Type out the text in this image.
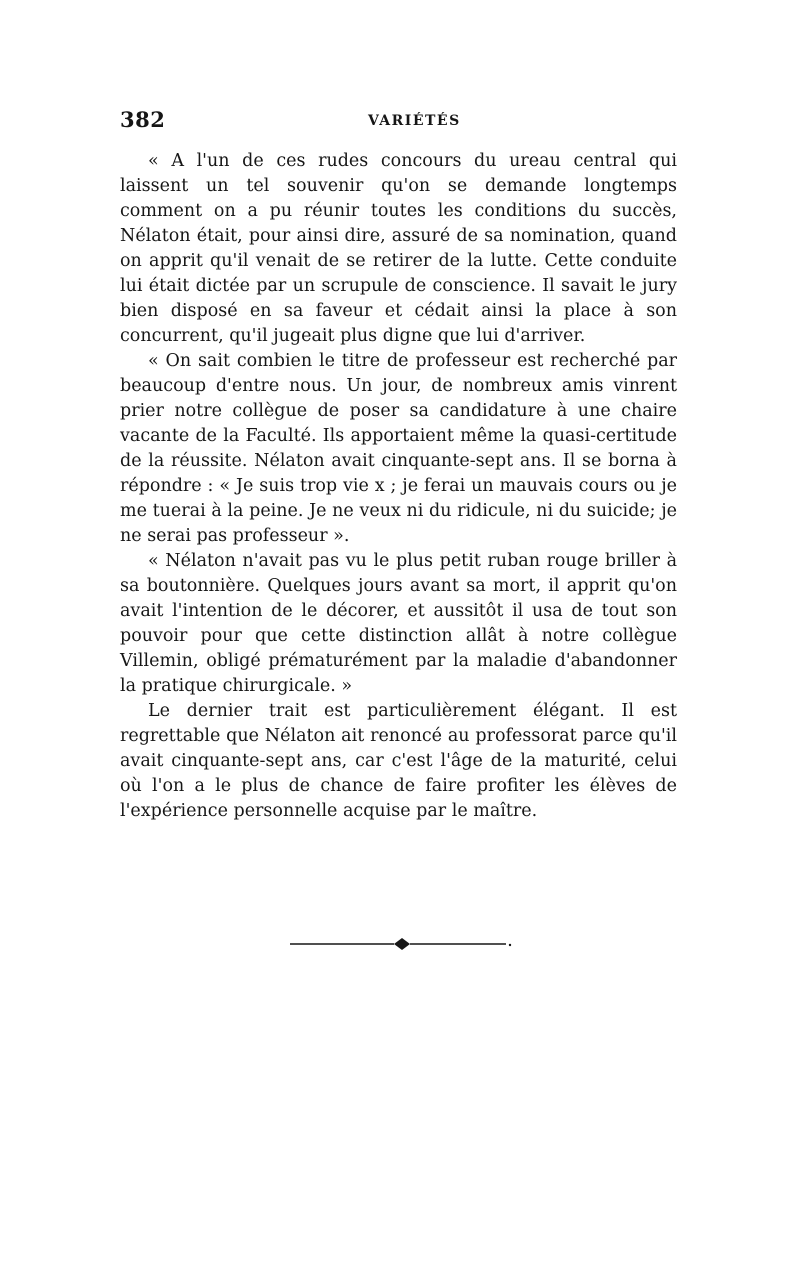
382	VARIÉTÉS

« A l'un de ces rudes concours du ureau central qui laissent un tel souvenir qu'on se demande longtemps comment on a pu réunir toutes les conditions du succès, Nélaton était, pour ainsi dire, assuré de sa nomination, quand on apprit qu'il venait de se retirer de la lutte. Cette conduite lui était dictée par un scrupule de conscience. Il savait le jury bien disposé en sa faveur et cédait ainsi la place à son concurrent, qu'il jugeait plus digne que lui d'arriver.

« On sait combien le titre de professeur est recherché par beaucoup d'entre nous. Un jour, de nombreux amis vinrent prier notre collègue de poser sa candidature à une chaire vacante de la Faculté. Ils apportaient même la quasi-certitude de la réussite. Nélaton avait cinquante-sept ans. Il se borna à répondre : « Je suis trop vie x ; je ferai un mauvais cours ou je me tuerai à la peine. Je ne veux ni du ridicule, ni du suicide; je ne serai pas professeur ».

« Nélaton n'avait pas vu le plus petit ruban rouge briller à sa boutonnière. Quelques jours avant sa mort, il apprit qu'on avait l'intention de le décorer, et aussitôt il usa de tout son pouvoir pour que cette distinction allât à notre collègue Villemin, obligé prématurément par la maladie d'abandonner la pratique chirurgicale. »

Le dernier trait est particulièrement élégant. Il est regrettable que Nélaton ait renoncé au professorat parce qu'il avait cinquante-sept ans, car c'est l'âge de la maturité, celui où l'on a le plus de chance de faire profiter les élèves de l'expérience personnelle acquise par le maître.
